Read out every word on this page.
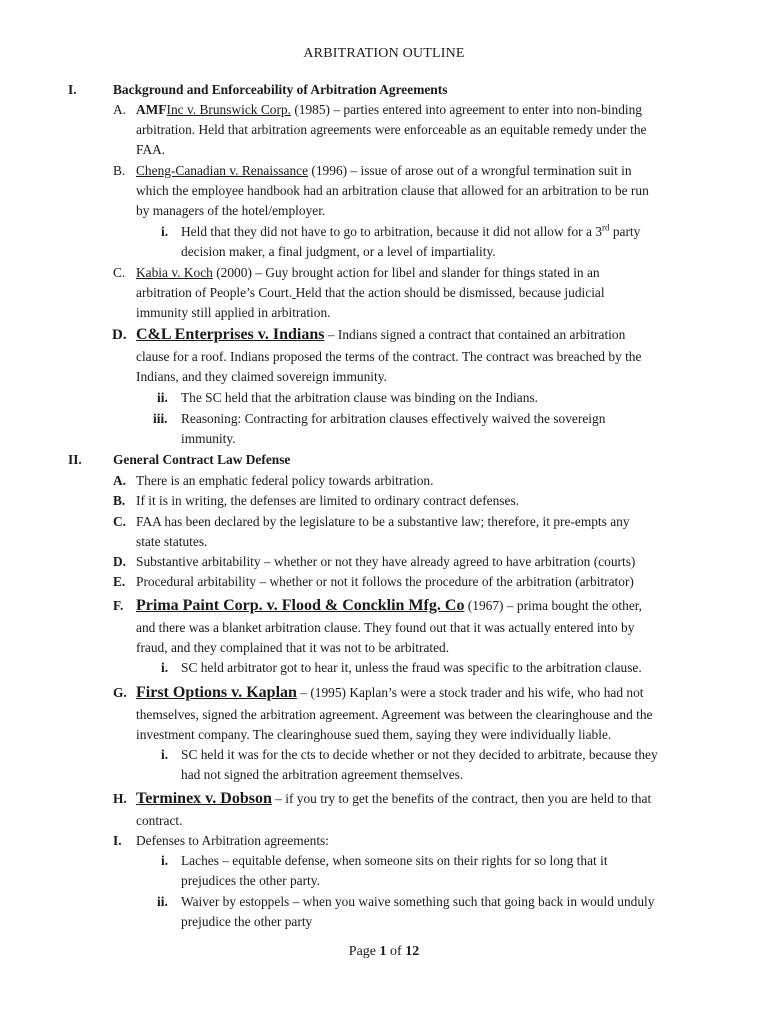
ARBITRATION OUTLINE
I.	Background and Enforceability of Arbitration Agreements
A. AMFInc v. Brunswick Corp. (1985) – parties entered into agreement to enter into non-binding
arbitration. Held that arbitration agreements were enforceable as an equitable remedy under the
FAA.
B. Cheng-Canadian v. Renaissance (1996) – issue of arose out of a wrongful termination suit in
which the employee handbook had an arbitration clause that allowed for an arbitration to be run
by managers of the hotel/employer.
i. Held that they did not have to go to arbitration, because it did not allow for a 3rd party
decision maker, a final judgment, or a level of impartiality.
C. Kabia v. Koch (2000) – Guy brought action for libel and slander for things stated in an
arbitration of People’s Court. Held that the action should be dismissed, because judicial
immunity still applied in arbitration.
D. C&L Enterprises v. Indians – Indians signed a contract that contained an arbitration
clause for a roof. Indians proposed the terms of the contract. The contract was breached by the
Indians, and they claimed sovereign immunity.
ii. The SC held that the arbitration clause was binding on the Indians.
iii. Reasoning: Contracting for arbitration clauses effectively waived the sovereign
immunity.
II. General Contract Law Defense
A. There is an emphatic federal policy towards arbitration.
B. If it is in writing, the defenses are limited to ordinary contract defenses.
C. FAA has been declared by the legislature to be a substantive law; therefore, it pre-empts any
state statutes.
D. Substantive arbitability – whether or not they have already agreed to have arbitration (courts)
E. Procedural arbitability – whether or not it follows the procedure of the arbitration (arbitrator)
F. Prima Paint Corp. v. Flood & Concklin Mfg. Co (1967) – prima bought the other,
and there was a blanket arbitration clause. They found out that it was actually entered into by
fraud, and they complained that it was not to be arbitrated.
i. SC held arbitrator got to hear it, unless the fraud was specific to the arbitration clause.
G. First Options v. Kaplan – (1995) Kaplan’s were a stock trader and his wife, who had not
themselves, signed the arbitration agreement. Agreement was between the clearinghouse and the
investment company. The clearinghouse sued them, saying they were individually liable.
i. SC held it was for the cts to decide whether or not they decided to arbitrate, because they
had not signed the arbitration agreement themselves.
H. Terminex v. Dobson – if you try to get the benefits of the contract, then you are held to that
contract.
I. Defenses to Arbitration agreements:
i. Laches – equitable defense, when someone sits on their rights for so long that it
prejudices the other party.
ii. Waiver by estoppels – when you waive something such that going back in would unduly
prejudice the other party
Page 1 of 12
